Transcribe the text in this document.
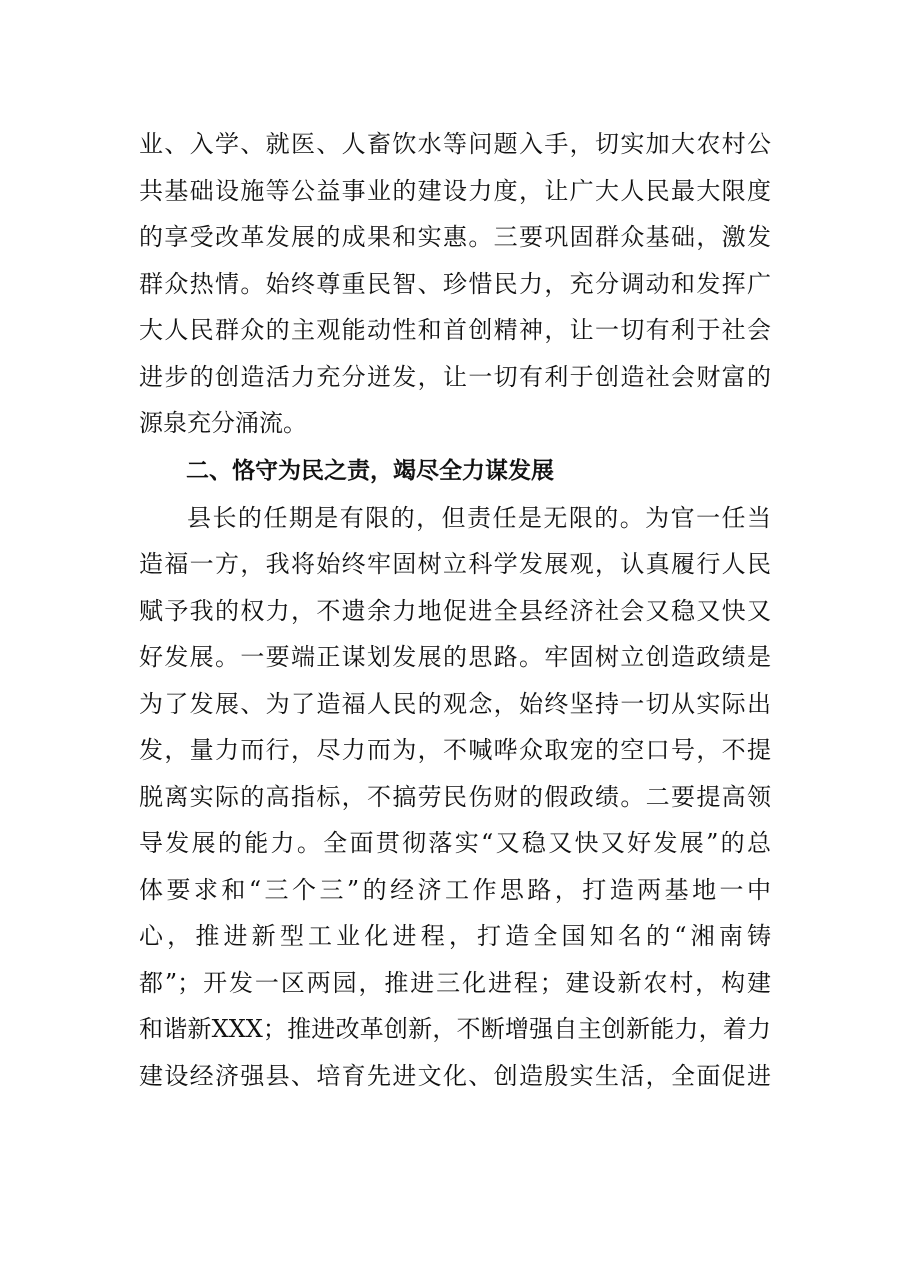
业、入学、就医、人畜饮水等问题入手，切实加大农村公
共基础设施等公益事业的建设力度，让广大人民最大限度
的享受改革发展的成果和实惠。三要巩固群众基础，激发
群众热情。始终尊重民智、珍惜民力，充分调动和发挥广
大人民群众的主观能动性和首创精神，让一切有利于社会
进步的创造活力充分迸发，让一切有利于创造社会财富的
源泉充分涌流。
二、恪守为民之责，竭尽全力谋发展
县长的任期是有限的，但责任是无限的。为官一任当
造福一方，我将始终牢固树立科学发展观，认真履行人民
赋予我的权力，不遗余力地促进全县经济社会又稳又快又
好发展。一要端正谋划发展的思路。牢固树立创造政绩是
为了发展、为了造福人民的观念，始终坚持一切从实际出
发，量力而行，尽力而为，不喊哗众取宠的空口号，不提
脱离实际的高指标，不搞劳民伤财的假政绩。二要提高领
导发展的能力。全面贯彻落实“又稳又快又好发展”的总
体要求和“三个三”的经济工作思路，打造两基地一中
心，推进新型工业化进程，打造全国知名的“湘南铸
都”；开发一区两园，推进三化进程；建设新农村，构建
和谐新XXX；推进改革创新，不断增强自主创新能力，着力
建设经济强县、培育先进文化、创造殷实生活，全面促进
